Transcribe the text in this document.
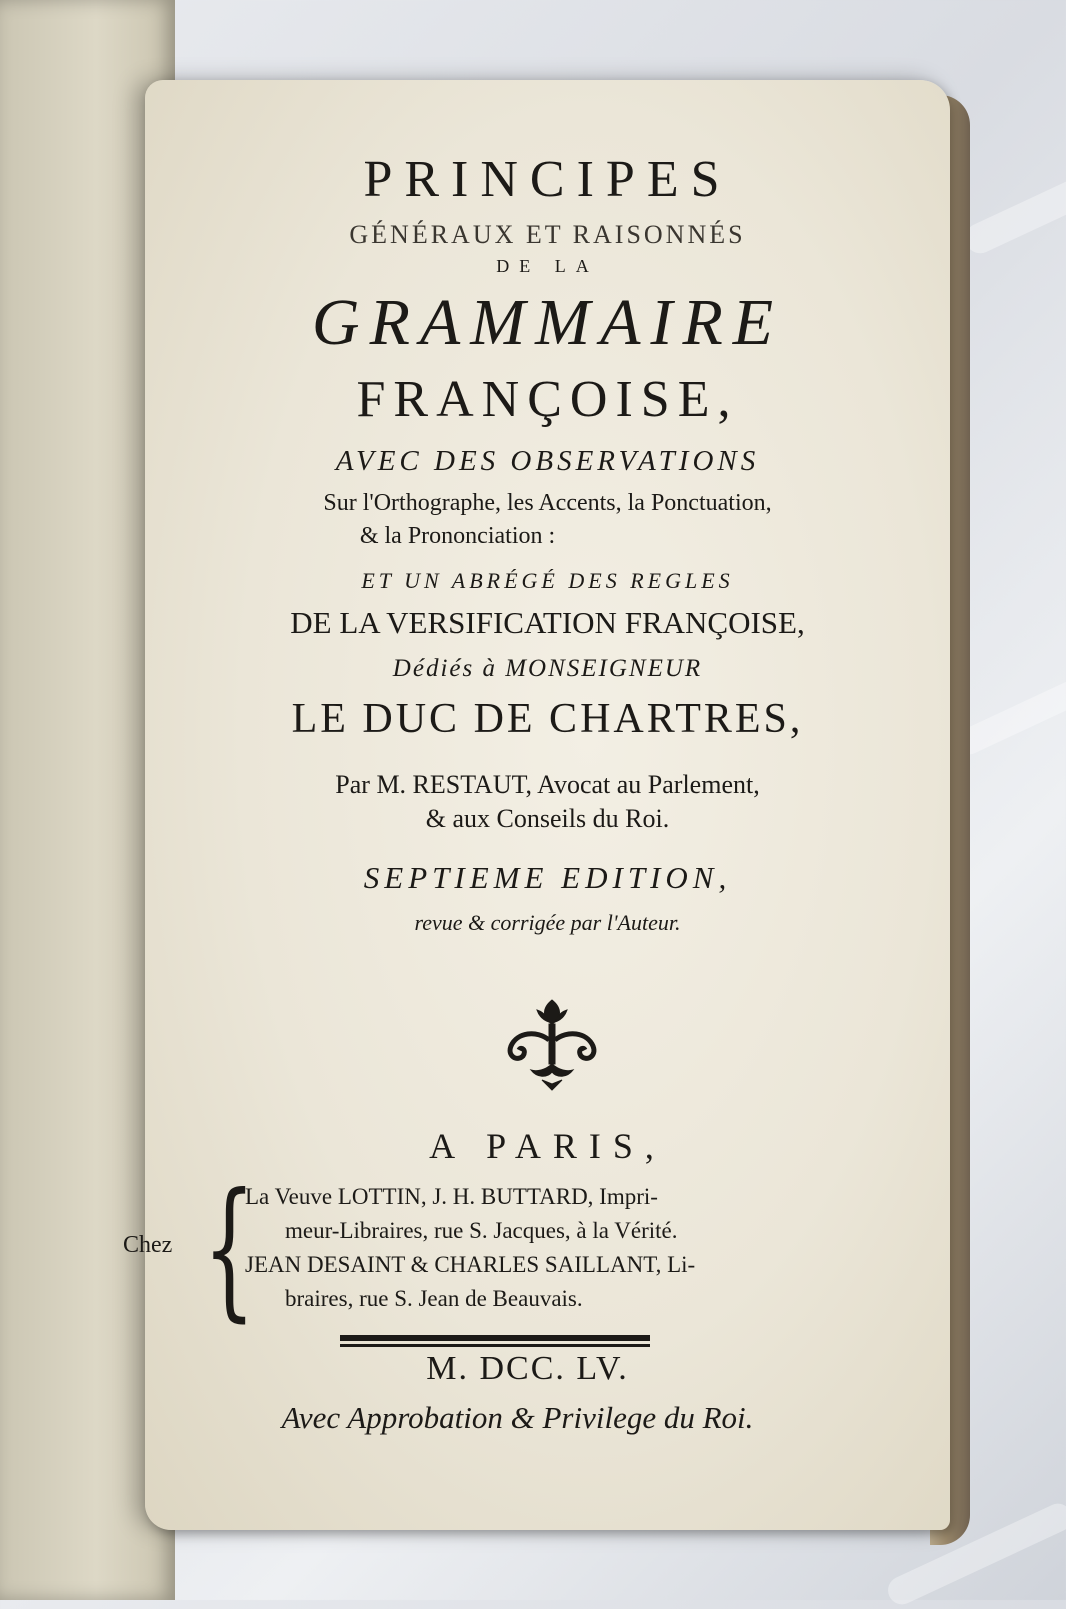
PRINCIPES
GÉNÉRAUX ET RAISONNÉS
DE LA
GRAMMAIRE
FRANÇOISE,
AVEC DES OBSERVATIONS
Sur l'Orthographe, les Accents, la Ponctuation,
& la Prononciation :
ET UN ABRÉGÉ DES REGLES
DE LA VERSIFICATION FRANÇOISE,
Dédiés à MONSEIGNEUR
LE DUC DE CHARTRES,
Par M. RESTAUT, Avocat au Parlement,
& aux Conseils du Roi.
SEPTIEME EDITION,
revue & corrigée par l'Auteur.
A PARIS,
Chez {
La Veuve LOTTIN, J. H. BUTTARD, Impri-
meur-Libraires, rue S. Jacques, à la Vérité.
JEAN DESAINT & CHARLES SAILLANT, Li-
braires, rue S. Jean de Beauvais.
M. DCC. LV.
Avec Approbation & Privilege du Roi.
